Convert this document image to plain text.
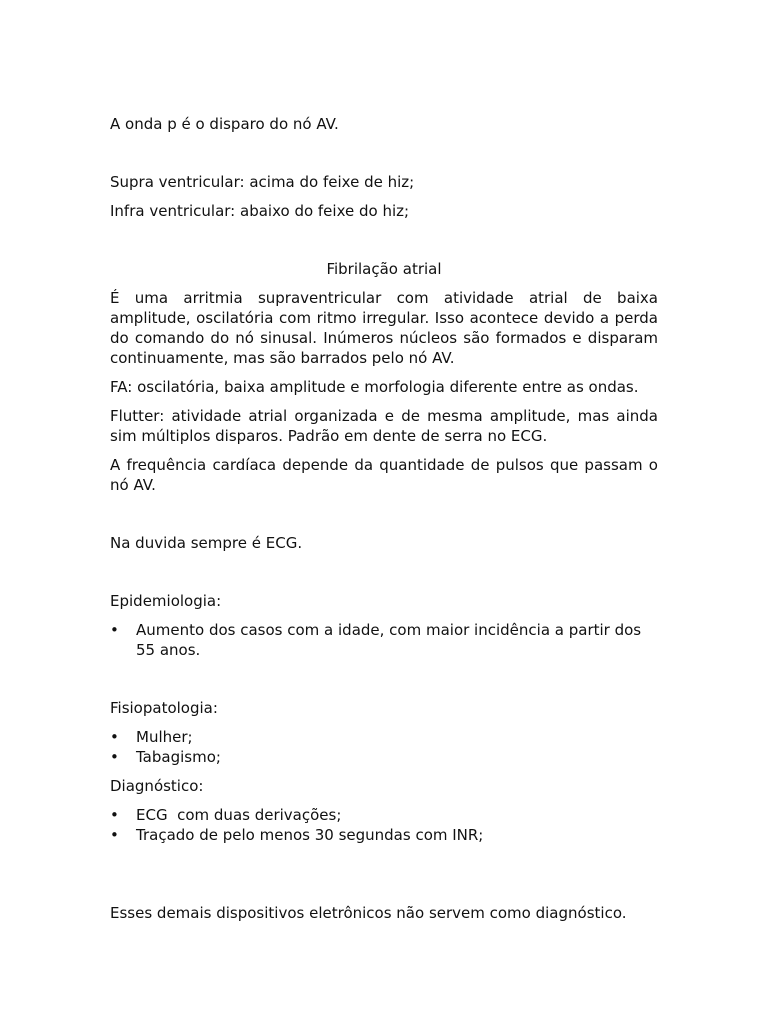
A onda p é o disparo do nó AV.

Supra ventricular: acima do feixe de hiz;

Infra ventricular: abaixo do feixe do hiz;

Fibrilação atrial

É uma arritmia supraventricular com atividade atrial de baixa amplitude, oscilatória com ritmo irregular. Isso acontece devido a perda do comando do nó sinusal. Inúmeros núcleos são formados e disparam continuamente, mas são barrados pelo nó AV.

FA: oscilatória, baixa amplitude e morfologia diferente entre as ondas.

Flutter: atividade atrial organizada e de mesma amplitude, mas ainda sim múltiplos disparos. Padrão em dente de serra no ECG.

A frequência cardíaca depende da quantidade de pulsos que passam o nó AV.

Na duvida sempre é ECG.

Epidemiologia:

• Aumento dos casos com a idade, com maior incidência a partir dos 55 anos.

Fisiopatologia:

• Mulher;
• Tabagismo;

Diagnóstico:

• ECG  com duas derivações;
• Traçado de pelo menos 30 segundas com INR;

Esses demais dispositivos eletrônicos não servem como diagnóstico.
